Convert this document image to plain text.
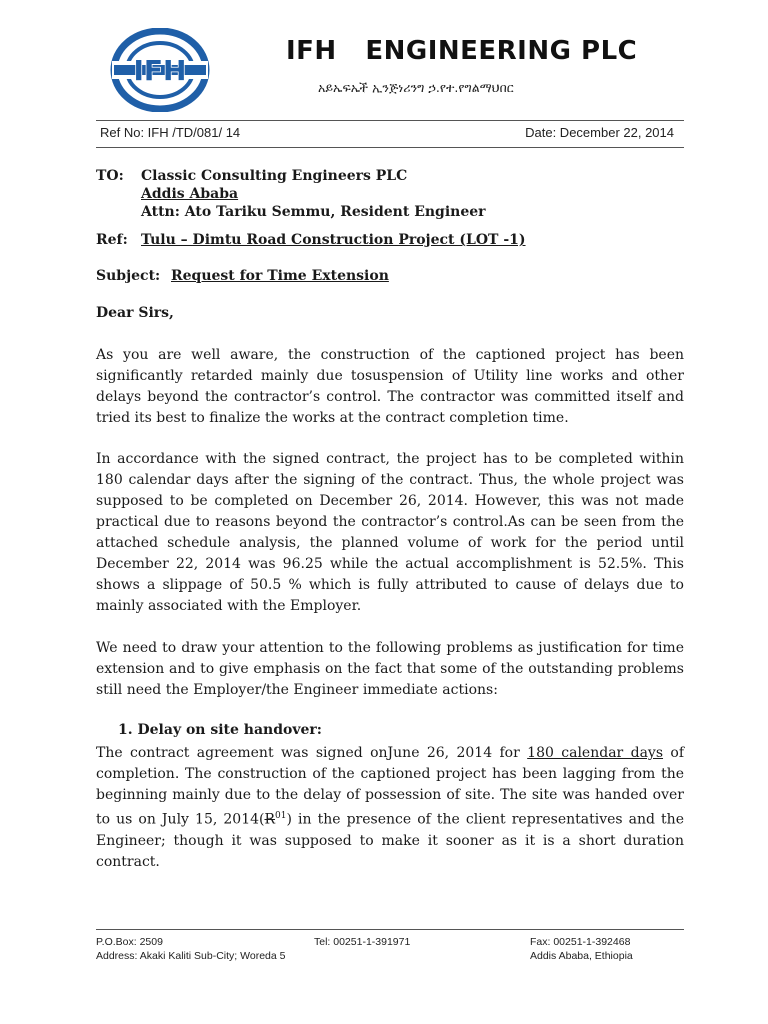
IFH
IFH   ENGINEERING PLC
አይኤፍኤች ኢንጅነሪንግ ኃ.የተ.የግልማህበር
Ref No: IFH /TD/081/ 14	Date: December 22, 2014
TO: Classic Consulting Engineers PLC
Addis Ababa
Attn: Ato Tariku Semmu, Resident Engineer
Ref: Tulu – Dimtu Road Construction Project (LOT -1)
Subject: Request for Time Extension
Dear Sirs,

As you are well aware, the construction of the captioned project has been significantly retarded mainly due tosuspension of Utility line works and other delays beyond the contractor’s control. The contractor was committed itself and tried its best to finalize the works at the contract completion time.

In accordance with the signed contract, the project has to be completed within 180 calendar days after the signing of the contract. Thus, the whole project was supposed to be completed on December 26, 2014. However, this was not made practical due to reasons beyond the contractor’s control.As can be seen from the attached schedule analysis, the planned volume of work for the period until December 22, 2014 was 96.25 while the actual accomplishment is 52.5%. This shows a slippage of 50.5 % which is fully attributed to cause of delays due to mainly associated with the Employer.

We need to draw your attention to the following problems as justification for time extension and to give emphasis on the fact that some of the outstanding problems still need the Employer/the Engineer immediate actions:

1. Delay on site handover:

The contract agreement was signed onJune 26, 2014 for 180 calendar days of completion. The construction of the captioned project has been lagging from the beginning mainly due to the delay of possession of site. The site was handed over to us on July 15, $2014(R^{01})$ in the presence of the client representatives and the Engineer; though it was supposed to make it sooner as it is a short duration contract.

P.O.Box: 2509
Address: Akaki Kaliti Sub-City; Woreda 5
Tel: 00251-1-391971	Fax: 00251-1-392468
Addis Ababa, Ethiopia
